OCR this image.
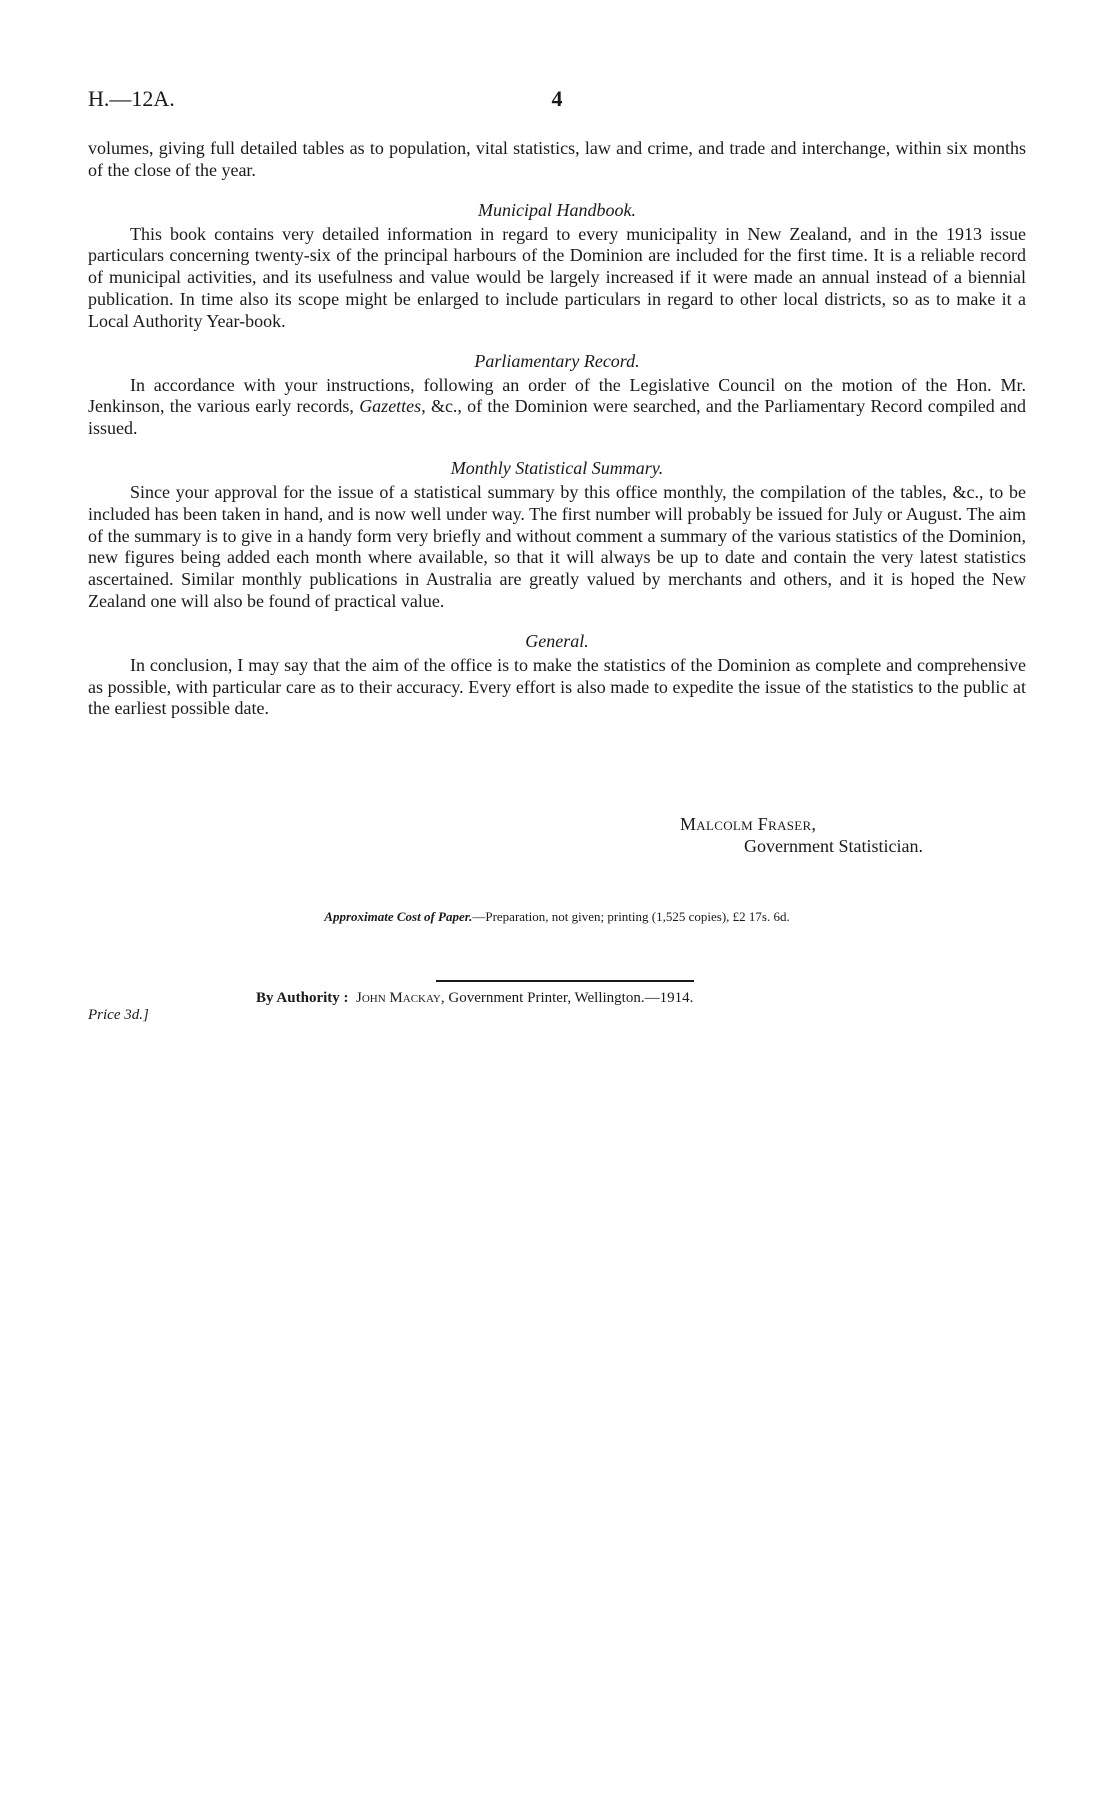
H.—12A.	4

volumes, giving full detailed tables as to population, vital statistics, law and crime, and trade and interchange, within six months of the close of the year.

Municipal Handbook.

This book contains very detailed information in regard to every municipality in New Zealand, and in the 1913 issue particulars concerning twenty-six of the principal harbours of the Dominion are included for the first time. It is a reliable record of municipal activities, and its usefulness and value would be largely increased if it were made an annual instead of a biennial publication. In time also its scope might be enlarged to include particulars in regard to other local districts, so as to make it a Local Authority Year-book.

Parliamentary Record.

In accordance with your instructions, following an order of the Legislative Council on the motion of the Hon. Mr. Jenkinson, the various early records, Gazettes, &c., of the Dominion were searched, and the Parliamentary Record compiled and issued.

Monthly Statistical Summary.

Since your approval for the issue of a statistical summary by this office monthly, the compilation of the tables, &c., to be included has been taken in hand, and is now well under way. The first number will probably be issued for July or August. The aim of the summary is to give in a handy form very briefly and without comment a summary of the various statistics of the Dominion, new figures being added each month where available, so that it will always be up to date and contain the very latest statistics ascertained. Similar monthly publications in Australia are greatly valued by merchants and others, and it is hoped the New Zealand one will also be found of practical value.

General.

In conclusion, I may say that the aim of the office is to make the statistics of the Dominion as complete and comprehensive as possible, with particular care as to their accuracy. Every effort is also made to expedite the issue of the statistics to the public at the earliest possible date.

Malcolm Fraser,
Government Statistician.
Approximate Cost of Paper.—Preparation, not given; printing (1,525 copies), £2 17s. 6d.
Price 3d.]
By Authority : John Mackay, Government Printer, Wellington.—1914.
